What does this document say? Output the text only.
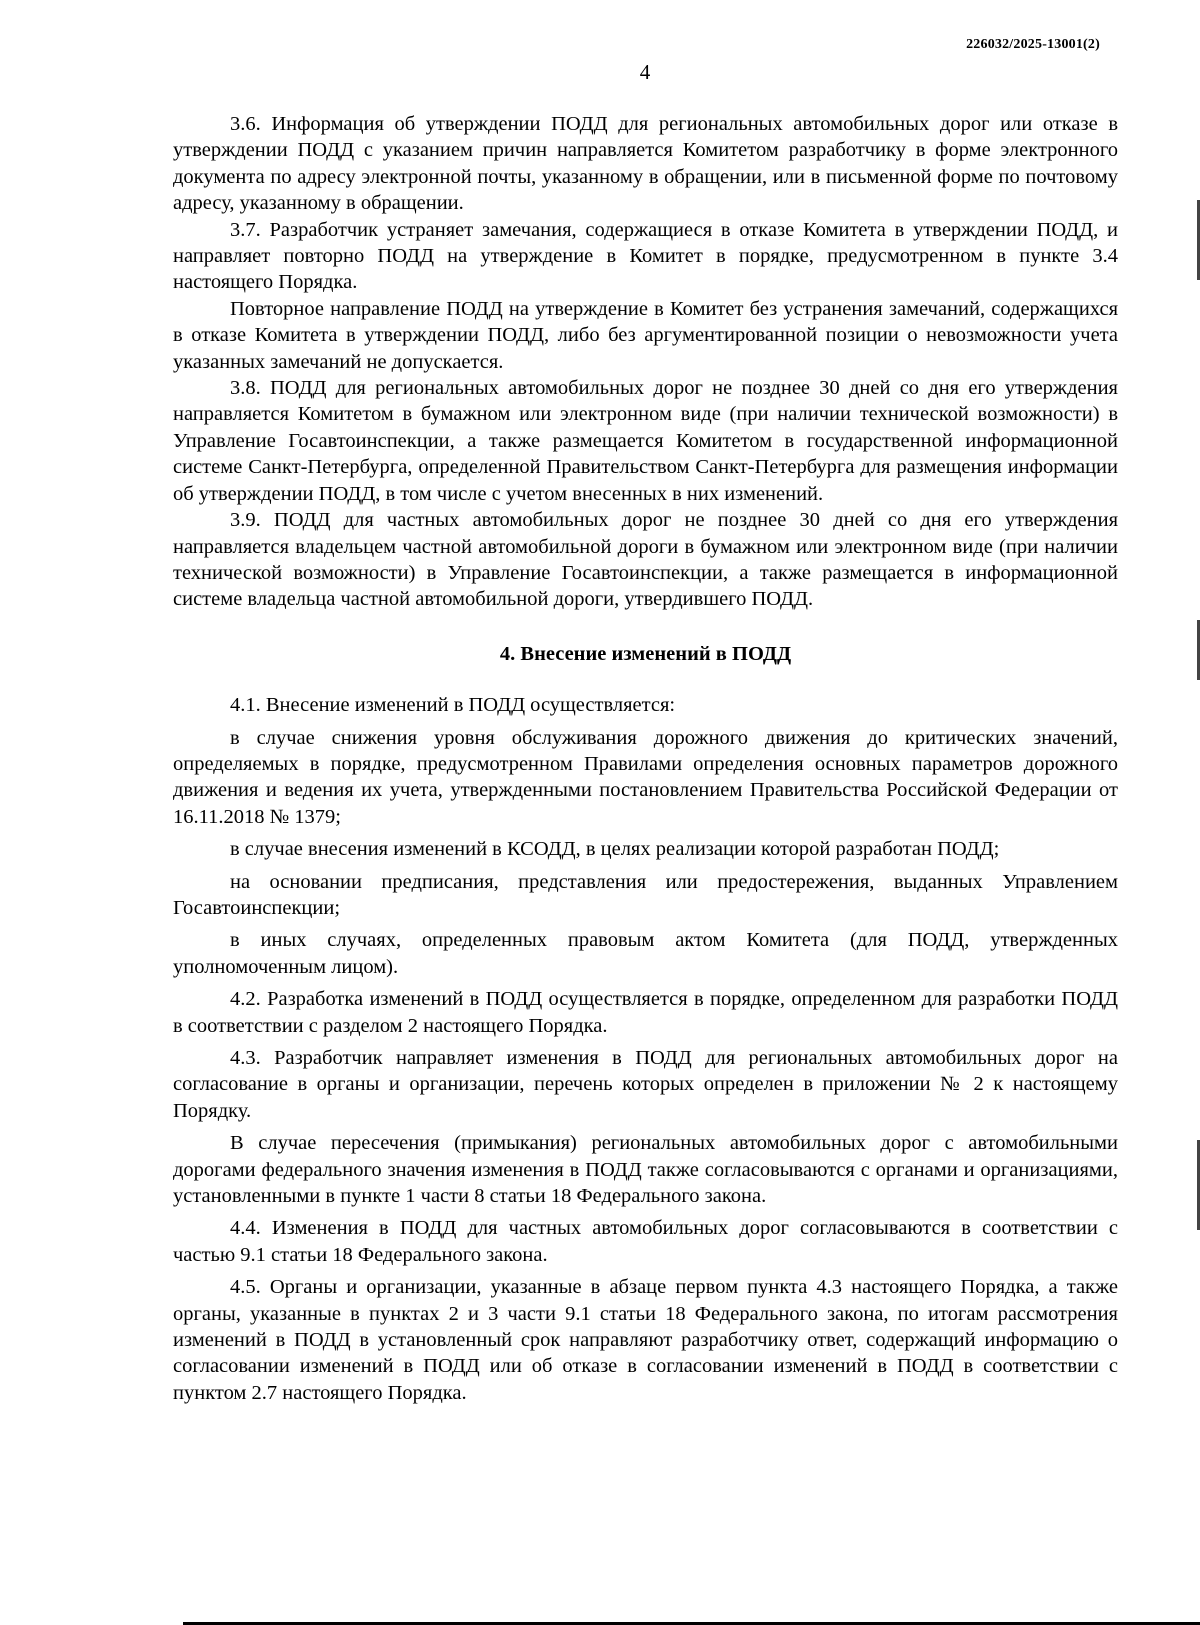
226032/2025-13001(2)
4

3.6. Информация об утверждении ПОДД для региональных автомобильных дорог или отказе в утверждении ПОДД с указанием причин направляется Комитетом разработчику в форме электронного документа по адресу электронной почты, указанному в обращении, или в письменной форме по почтовому адресу, указанному в обращении.

3.7. Разработчик устраняет замечания, содержащиеся в отказе Комитета в утверждении ПОДД, и направляет повторно ПОДД на утверждение в Комитет в порядке, предусмотренном в пункте 3.4 настоящего Порядка.

Повторное направление ПОДД на утверждение в Комитет без устранения замечаний, содержащихся в отказе Комитета в утверждении ПОДД, либо без аргументированной позиции о невозможности учета указанных замечаний не допускается.

3.8. ПОДД для региональных автомобильных дорог не позднее 30 дней со дня его утверждения направляется Комитетом в бумажном или электронном виде (при наличии технической возможности) в Управление Госавтоинспекции, а также размещается Комитетом в государственной информационной системе Санкт-Петербурга, определенной Правительством Санкт-Петербурга для размещения информации об утверждении ПОДД, в том числе с учетом внесенных в них изменений.

3.9. ПОДД для частных автомобильных дорог не позднее 30 дней со дня его утверждения направляется владельцем частной автомобильной дороги в бумажном или электронном виде (при наличии технической возможности) в Управление Госавтоинспекции, а также размещается в информационной системе владельца частной автомобильной дороги, утвердившего ПОДД.

4. Внесение изменений в ПОДД

4.1. Внесение изменений в ПОДД осуществляется:

в случае снижения уровня обслуживания дорожного движения до критических значений, определяемых в порядке, предусмотренном Правилами определения основных параметров дорожного движения и ведения их учета, утвержденными постановлением Правительства Российской Федерации от 16.11.2018 № 1379;

в случае внесения изменений в КСОДД, в целях реализации которой разработан ПОДД;

на основании предписания, представления или предостережения, выданных Управлением Госавтоинспекции;

в иных случаях, определенных правовым актом Комитета (для ПОДД, утвержденных уполномоченным лицом).

4.2. Разработка изменений в ПОДД осуществляется в порядке, определенном для разработки ПОДД в соответствии с разделом 2 настоящего Порядка.

4.3. Разработчик направляет изменения в ПОДД для региональных автомобильных дорог на согласование в органы и организации, перечень которых определен в приложении № 2 к настоящему Порядку.

В случае пересечения (примыкания) региональных автомобильных дорог с автомобильными дорогами федерального значения изменения в ПОДД также согласовываются с органами и организациями, установленными в пункте 1 части 8 статьи 18 Федерального закона.

4.4. Изменения в ПОДД для частных автомобильных дорог согласовываются в соответствии с частью 9.1 статьи 18 Федерального закона.

4.5. Органы и организации, указанные в абзаце первом пункта 4.3 настоящего Порядка, а также органы, указанные в пунктах 2 и 3 части 9.1 статьи 18 Федерального закона, по итогам рассмотрения изменений в ПОДД в установленный срок направляют разработчику ответ, содержащий информацию о согласовании изменений в ПОДД или об отказе в согласовании изменений в ПОДД в соответствии с пунктом 2.7 настоящего Порядка.
